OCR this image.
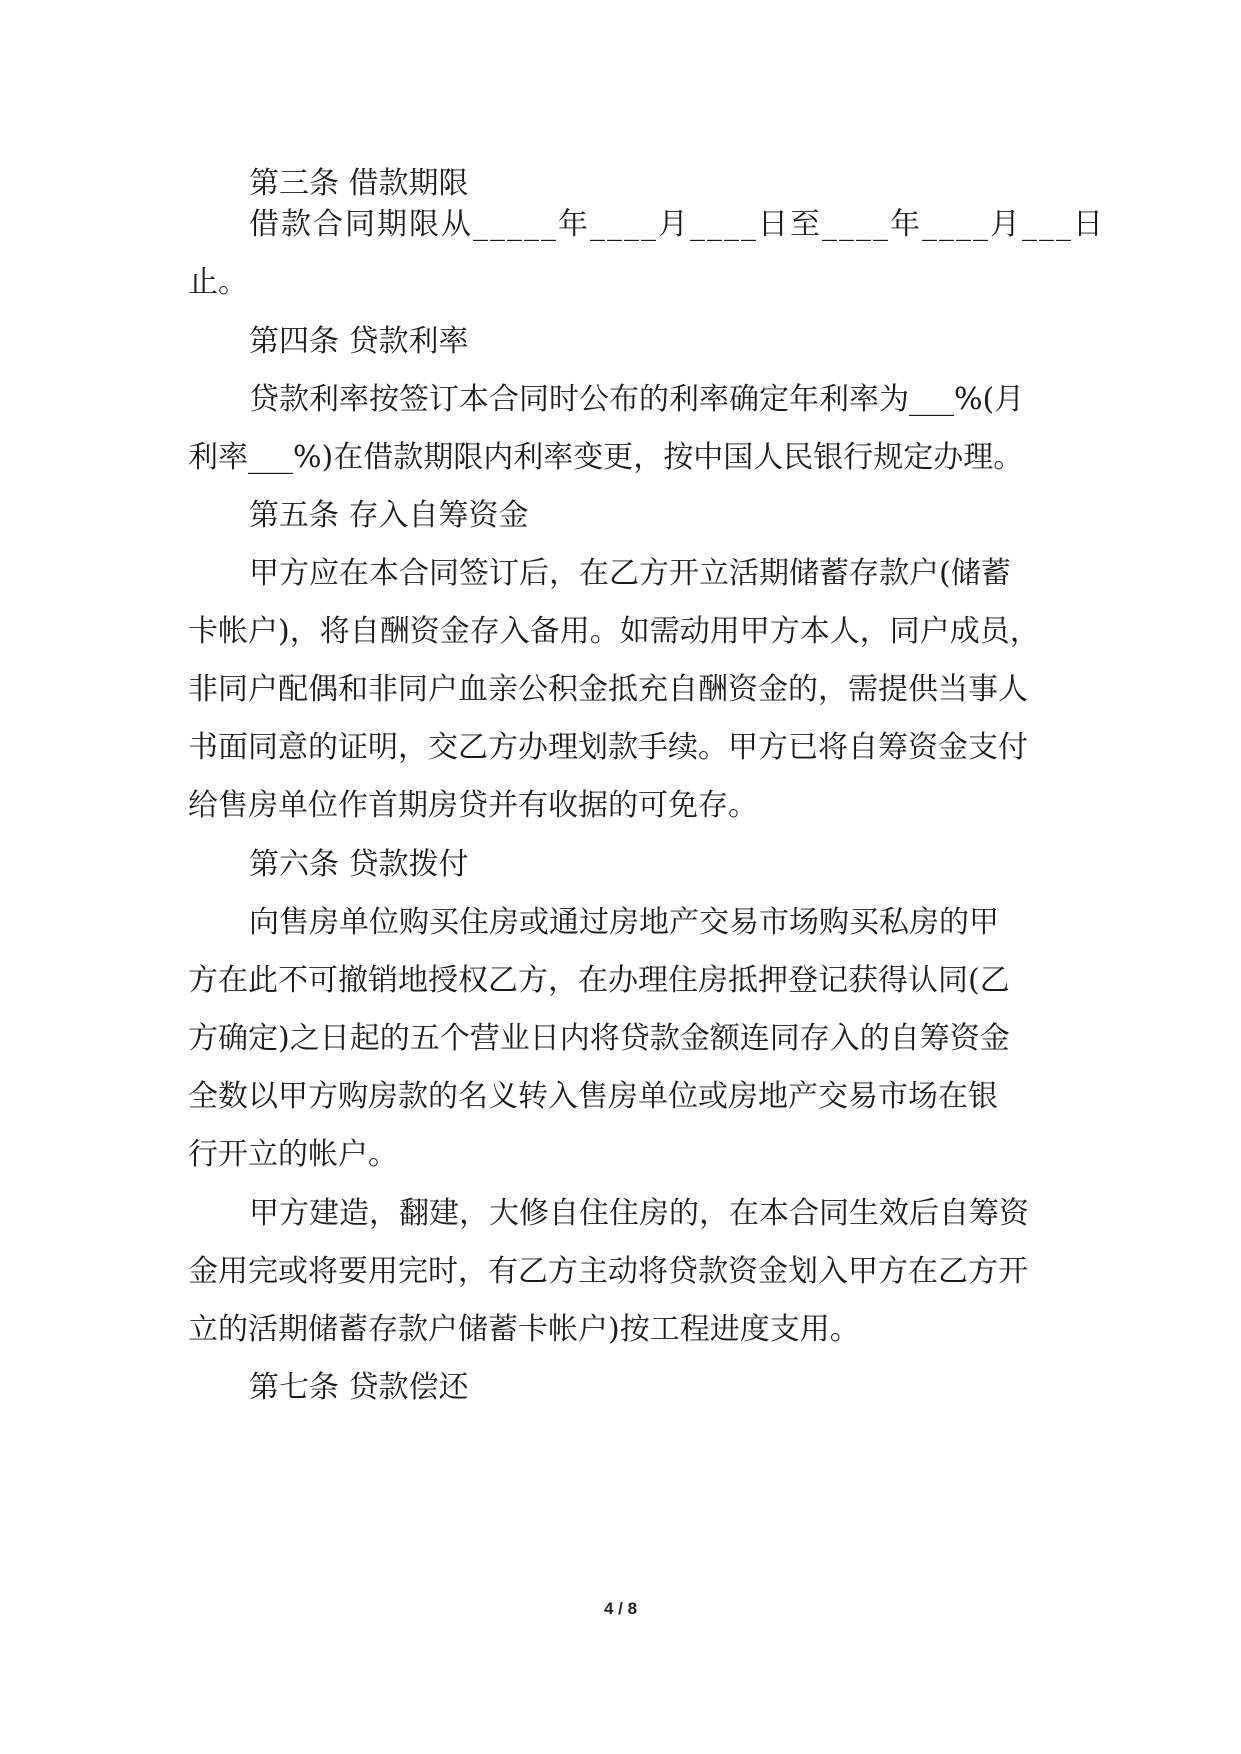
第三条 借款期限
借款合同期限从_____年____月____日至____年____月___日
止。
第四条 贷款利率
贷款利率按签订本合同时公布的利率确定年利率为___%(月
利率___%)在借款期限内利率变更，按中国人民银行规定办理。
第五条 存入自筹资金
甲方应在本合同签订后，在乙方开立活期储蓄存款户(储蓄
卡帐户)，将自酬资金存入备用。如需动用甲方本人，同户成员，
非同户配偶和非同户血亲公积金抵充自酬资金的，需提供当事人
书面同意的证明，交乙方办理划款手续。甲方已将自筹资金支付
给售房单位作首期房贷并有收据的可免存。
第六条 贷款拨付
向售房单位购买住房或通过房地产交易市场购买私房的甲
方在此不可撤销地授权乙方，在办理住房抵押登记获得认同(乙
方确定)之日起的五个营业日内将贷款金额连同存入的自筹资金
全数以甲方购房款的名义转入售房单位或房地产交易市场在银
行开立的帐户。
甲方建造，翻建，大修自住住房的，在本合同生效后自筹资
金用完或将要用完时，有乙方主动将贷款资金划入甲方在乙方开
立的活期储蓄存款户储蓄卡帐户)按工程进度支用。
第七条 贷款偿还
4 / 8
